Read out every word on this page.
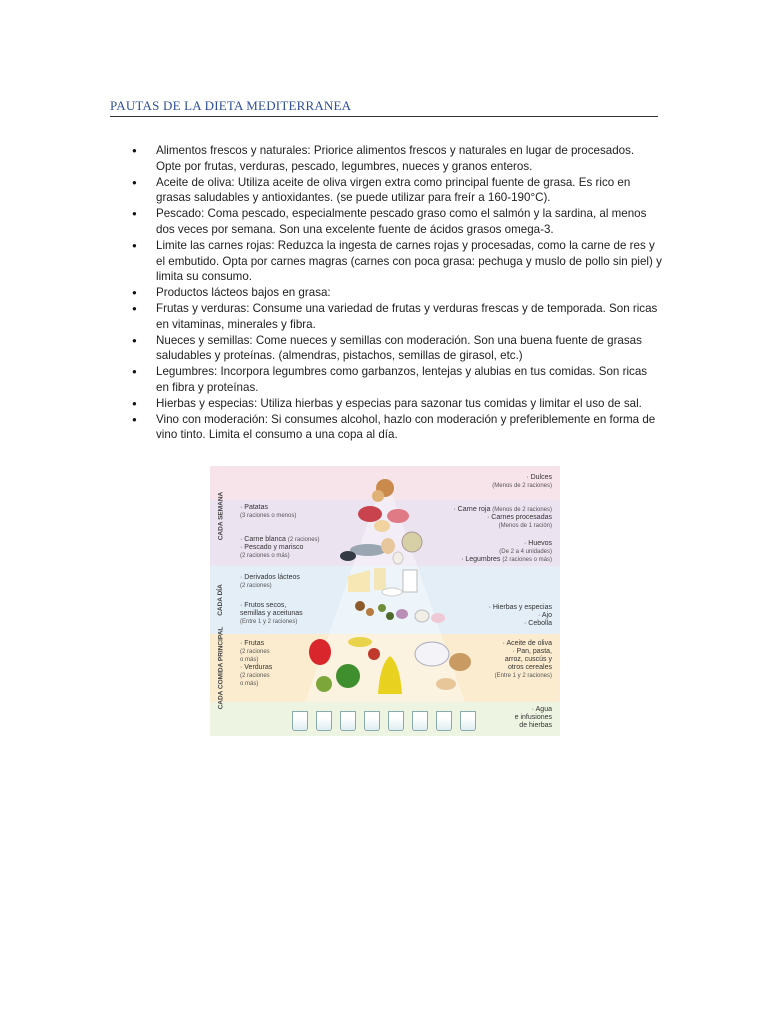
PAUTAS DE LA DIETA MEDITERRANEA
● Alimentos frescos y naturales: Priorice alimentos frescos y naturales en lugar de procesados. Opte por frutas, verduras, pescado, legumbres, nueces y granos enteros.
● Aceite de oliva: Utiliza aceite de oliva virgen extra como principal fuente de grasa. Es rico en grasas saludables y antioxidantes. (se puede utilizar para freír a 160-190°C).
● Pescado: Coma pescado, especialmente pescado graso como el salmón y la sardina, al menos dos veces por semana. Son una excelente fuente de ácidos grasos omega-3.
● Limite las carnes rojas: Reduzca la ingesta de carnes rojas y procesadas, como la carne de res y el embutido. Opta por carnes magras (carnes con poca grasa: pechuga y muslo de pollo sin piel) y limita su consumo.
● Productos lácteos bajos en grasa:
● Frutas y verduras: Consume una variedad de frutas y verduras frescas y de temporada. Son ricas en vitaminas, minerales y fibra.
● Nueces y semillas: Come nueces y semillas con moderación. Son una buena fuente de grasas saludables y proteínas. (almendras, pistachos, semillas de girasol, etc.)
● Legumbres: Incorpora legumbres como garbanzos, lentejas y alubias en tus comidas. Son ricas en fibra y proteínas.
● Hierbas y especias: Utiliza hierbas y especias para sazonar tus comidas y limitar el uso de sal.
● Vino con moderación: Si consumes alcohol, hazlo con moderación y preferiblemente en forma de vino tinto. Limita el consumo a una copa al día.
CADA SEMANA
CADA DÍA
CADA COMIDA PRINCIPAL
· Dulces
(Menos de 2 raciones)
· Carne roja (Menos de 2 raciones)
· Carnes procesadas
(Menos de 1 ración)
· Huevos
(De 2 a 4 unidades)
· Legumbres (2 raciones o más)
· Hierbas y especias
· Ajo
· Cebolla
· Aceite de oliva
· Pan, pasta,
arroz, cuscús y
otros cereales
(Entre 1 y 2 raciones)
· Agua
e infusiones
de hierbas
· Patatas
(3 raciones o menos)
· Carne blanca (2 raciones)
· Pescado y marisco
(2 raciones o más)
· Derivados lácteos
(2 raciones)
· Frutos secos,
semillas y aceitunas
(Entre 1 y 2 raciones)
· Frutas
(2 raciones
o más)
· Verduras
(2 raciones
o más)
